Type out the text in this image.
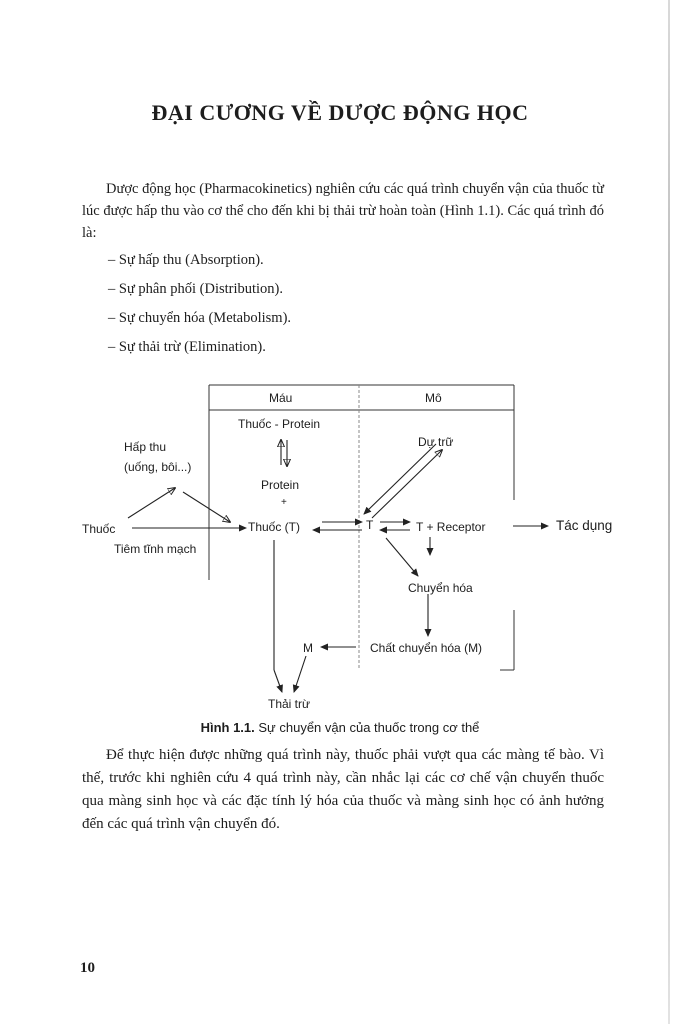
ĐẠI CƯƠNG VỀ DƯỢC ĐỘNG HỌC

Dược động học (Pharmacokinetics) nghiên cứu các quá trình chuyển vận của thuốc từ lúc được hấp thu vào cơ thể cho đến khi bị thải trừ hoàn toàn (Hình 1.1). Các quá trình đó là:

– Sự hấp thu (Absorption).
– Sự phân phối (Distribution).
– Sự chuyển hóa (Metabolism).
– Sự thải trừ (Elimination).
Máu	Mô
Thuốc - Protein
Protein
+
Thuốc (T)
Hấp thu
(uống, bôi...)
Thuốc
Tiêm tĩnh mạch
Dự trữ
T	T + Receptor	Tác dụng
Chuyển hóa
Chất chuyển hóa (M)
M
Thải trừ
Hình 1.1. Sự chuyển vận của thuốc trong cơ thể

Để thực hiện được những quá trình này, thuốc phải vượt qua các màng tế bào. Vì thế, trước khi nghiên cứu 4 quá trình này, cần nhắc lại các cơ chế vận chuyển thuốc qua màng sinh học và các đặc tính lý hóa của thuốc và màng sinh học có ảnh hưởng đến các quá trình vận chuyển đó.

10
